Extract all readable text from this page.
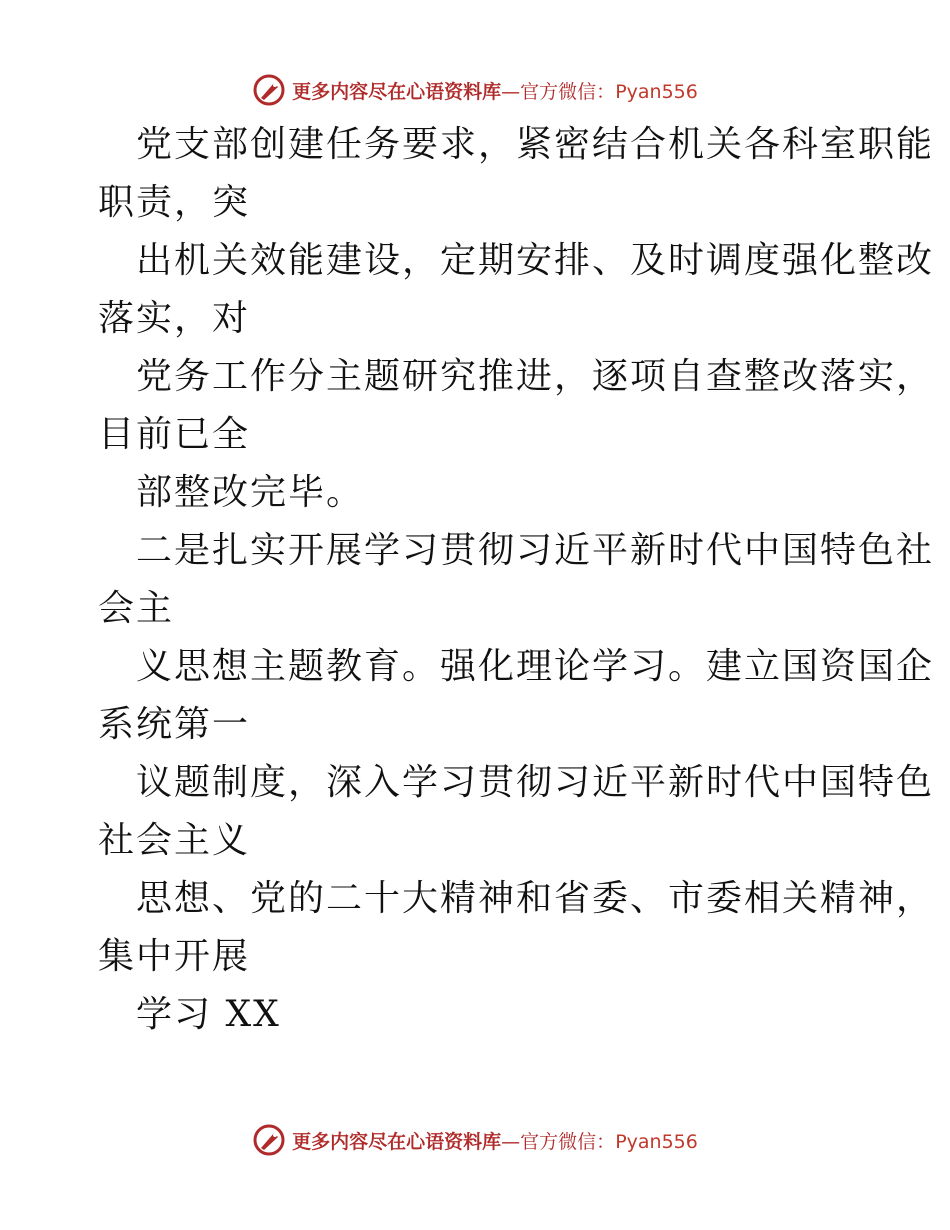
更多内容尽在心语资料库—官方微信：Pyan556
党支部创建任务要求，紧密结合机关各科室职能
职责，突
出机关效能建设，定期安排、及时调度强化整改
落实，对
党务工作分主题研究推进，逐项自查整改落实，
目前已全
部整改完毕。
二是扎实开展学习贯彻习近平新时代中国特色社
会主
义思想主题教育。强化理论学习。建立国资国企
系统第一
议题制度，深入学习贯彻习近平新时代中国特色
社会主义
思想、党的二十大精神和省委、市委相关精神，
集中开展
学习 XX
更多内容尽在心语资料库—官方微信：Pyan556
